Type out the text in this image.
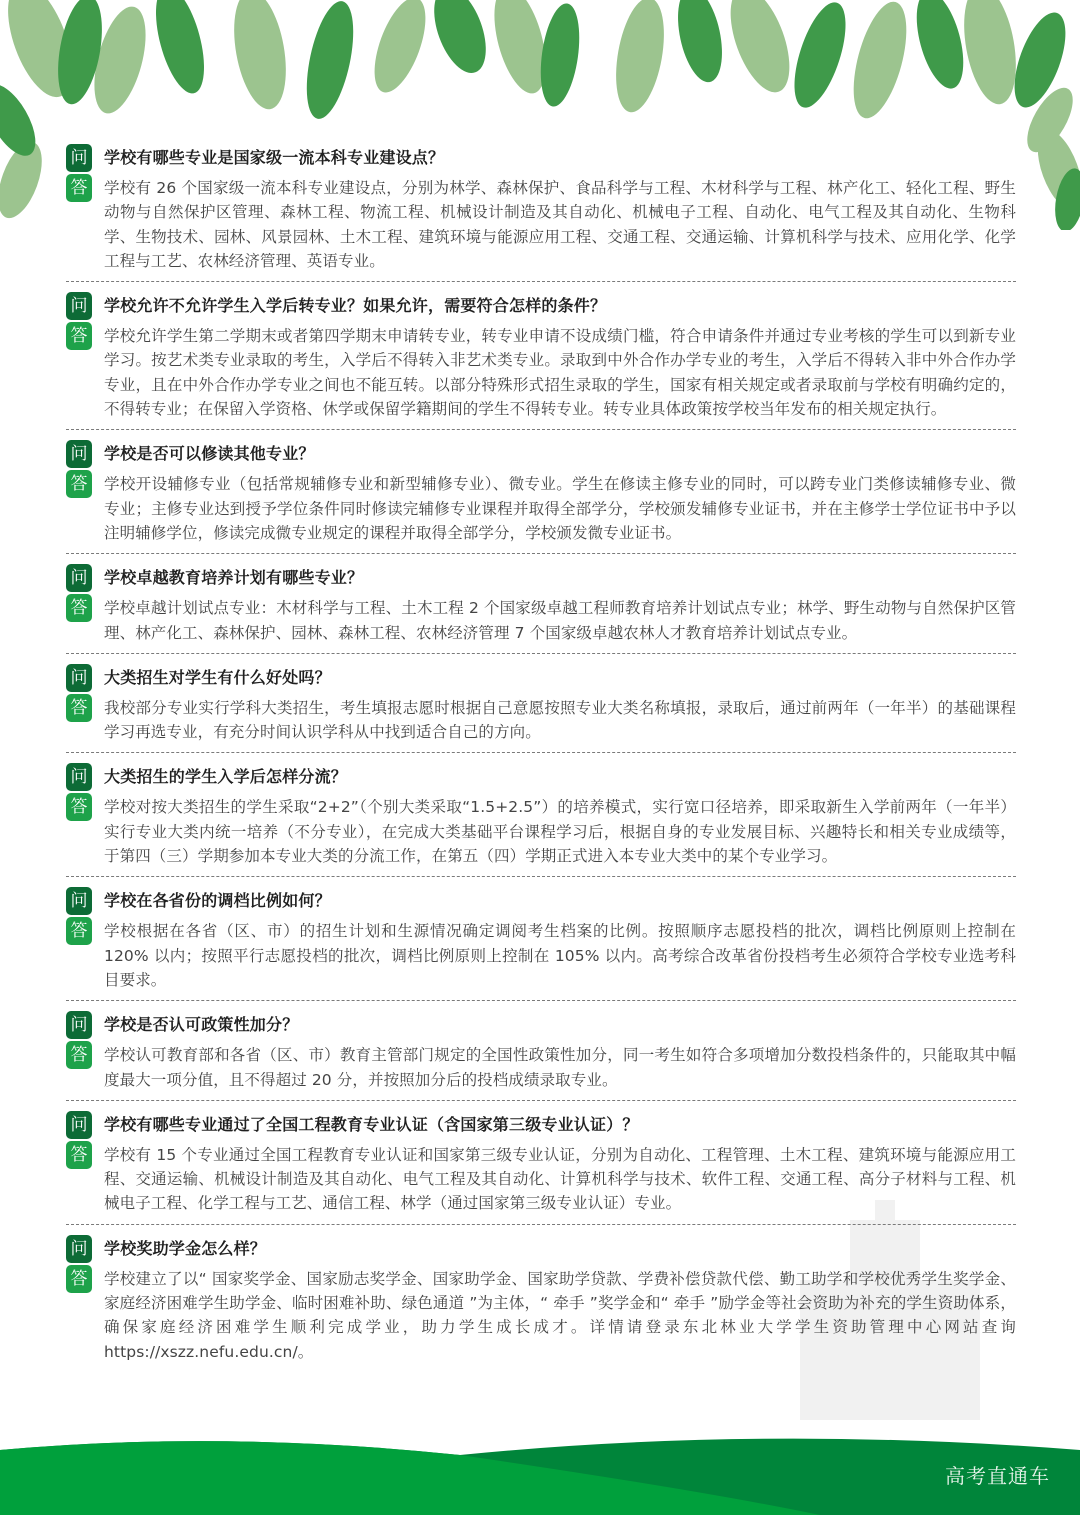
问 学校有哪些专业是国家级一流本科专业建设点？
答 学校有 26 个国家级一流本科专业建设点，分别为林学、森林保护、食品科学与工程、木材科学与工程、林产化工、轻化工程、野生动物与自然保护区管理、森林工程、物流工程、机械设计制造及其自动化、机械电子工程、自动化、电气工程及其自动化、生物科学、生物技术、园林、风景园林、土木工程、建筑环境与能源应用工程、交通工程、交通运输、计算机科学与技术、应用化学、化学工程与工艺、农林经济管理、英语专业。
问 学校允许不允许学生入学后转专业？如果允许，需要符合怎样的条件？
答 学校允许学生第二学期末或者第四学期末申请转专业，转专业申请不设成绩门槛，符合申请条件并通过专业考核的学生可以到新专业学习。按艺术类专业录取的考生，入学后不得转入非艺术类专业。录取到中外合作办学专业的考生，入学后不得转入非中外合作办学专业，且在中外合作办学专业之间也不能互转。以部分特殊形式招生录取的学生，国家有相关规定或者录取前与学校有明确约定的，不得转专业；在保留入学资格、休学或保留学籍期间的学生不得转专业。转专业具体政策按学校当年发布的相关规定执行。
问 学校是否可以修读其他专业？
答 学校开设辅修专业（包括常规辅修专业和新型辅修专业）、微专业。学生在修读主修专业的同时，可以跨专业门类修读辅修专业、微专业；主修专业达到授予学位条件同时修读完辅修专业课程并取得全部学分，学校颁发辅修专业证书，并在主修学士学位证书中予以注明辅修学位，修读完成微专业规定的课程并取得全部学分，学校颁发微专业证书。
问 学校卓越教育培养计划有哪些专业？
答 学校卓越计划试点专业：木材科学与工程、土木工程 2 个国家级卓越工程师教育培养计划试点专业；林学、野生动物与自然保护区管理、林产化工、森林保护、园林、森林工程、农林经济管理 7 个国家级卓越农林人才教育培养计划试点专业。
问 大类招生对学生有什么好处吗？
答 我校部分专业实行学科大类招生，考生填报志愿时根据自己意愿按照专业大类名称填报，录取后，通过前两年（一年半）的基础课程学习再选专业，有充分时间认识学科从中找到适合自己的方向。
问 大类招生的学生入学后怎样分流？
答 学校对按大类招生的学生采取“2+2”（个别大类采取“1.5+2.5”）的培养模式，实行宽口径培养，即采取新生入学前两年（一年半）实行专业大类内统一培养（不分专业），在完成大类基础平台课程学习后，根据自身的专业发展目标、兴趣特长和相关专业成绩等，于第四（三）学期参加本专业大类的分流工作，在第五（四）学期正式进入本专业大类中的某个专业学习。
问 学校在各省份的调档比例如何？
答 学校根据在各省（区、市）的招生计划和生源情况确定调阅考生档案的比例。按照顺序志愿投档的批次，调档比例原则上控制在 120% 以内；按照平行志愿投档的批次，调档比例原则上控制在 105% 以内。高考综合改革省份投档考生必须符合学校专业选考科目要求。
问 学校是否认可政策性加分？
答 学校认可教育部和各省（区、市）教育主管部门规定的全国性政策性加分，同一考生如符合多项增加分数投档条件的，只能取其中幅度最大一项分值，且不得超过 20 分，并按照加分后的投档成绩录取专业。
问 学校有哪些专业通过了全国工程教育专业认证（含国家第三级专业认证）？
答 学校有 15 个专业通过全国工程教育专业认证和国家第三级专业认证，分别为自动化、工程管理、土木工程、建筑环境与能源应用工程、交通运输、机械设计制造及其自动化、电气工程及其自动化、计算机科学与技术、软件工程、交通工程、高分子材料与工程、机械电子工程、化学工程与工艺、通信工程、林学（通过国家第三级专业认证）专业。
问 学校奖助学金怎么样？
答 学校建立了以“ 国家奖学金、国家励志奖学金、国家助学金、国家助学贷款、学费补偿贷款代偿、勤工助学和学校优秀学生奖学金、家庭经济困难学生助学金、临时困难补助、绿色通道 ”为主体，“ 牵手 ”奖学金和“ 牵手 ”励学金等社会资助为补充的学生资助体系，确保家庭经济困难学生顺利完成学业，助力学生成长成才。详情请登录东北林业大学学生资助管理中心网站查询 https://xszz.nefu.edu.cn/。
高考直通车
